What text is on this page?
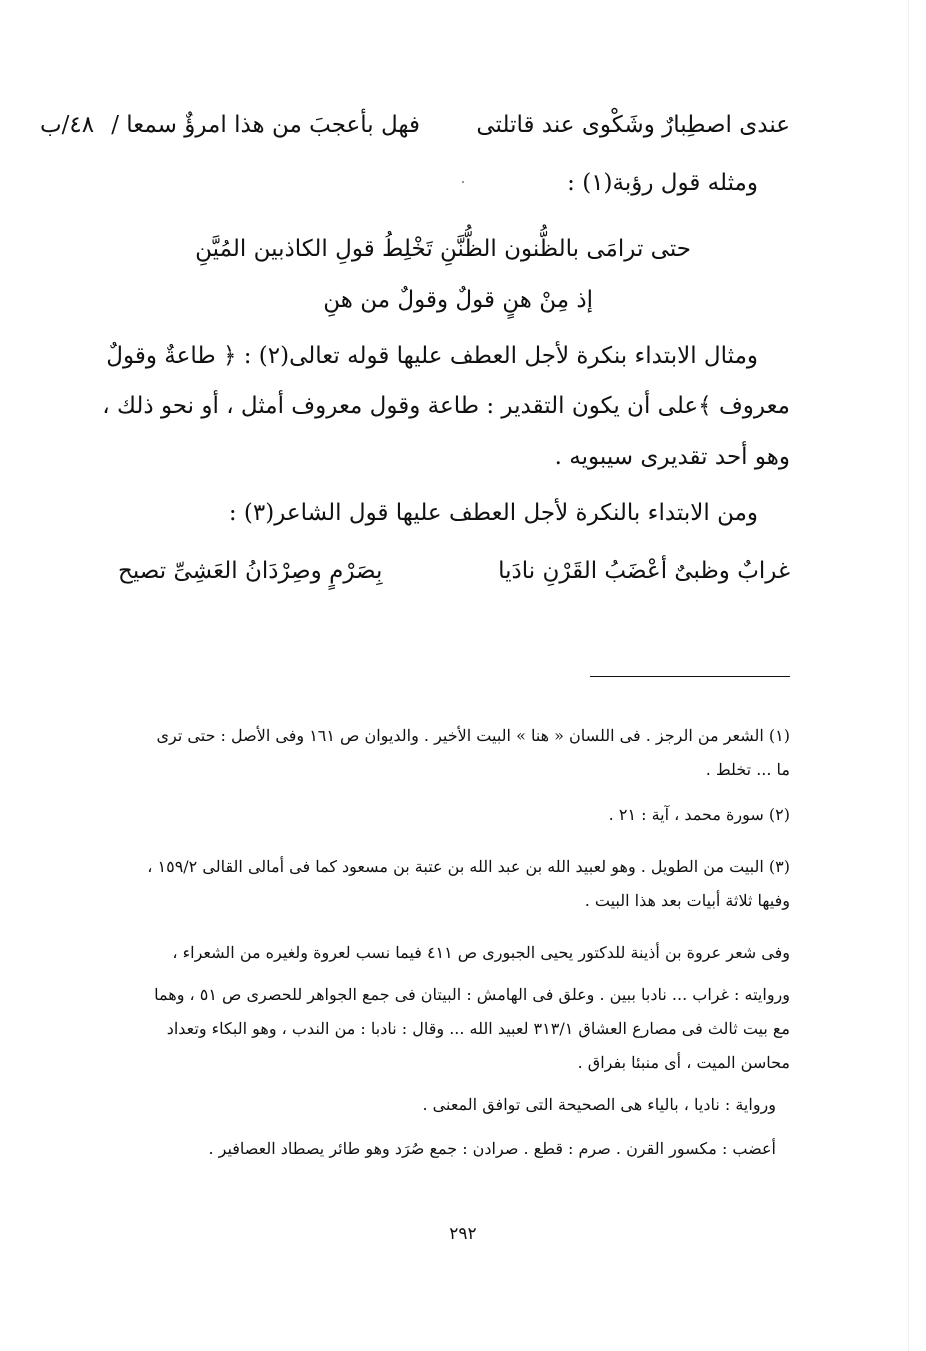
عندى اصطِبارٌ وشَكْوى عند قاتلتى
فهل بأعجبَ من هذا امرؤٌ سمعا /
٤٨/ب
ومثله قول رؤبة(١) :
حتى ترامَى بالظُّنون الظُّنَّنِ تَخْلِطُ قولِ الكاذبين المُيَّنِ
إذ مِنْ هنٍ قولٌ وقولٌ من هنِ
ومثال الابتداء بنكرة لأجل العطف عليها قوله تعالى(٢) : ﴿ طاعةٌ وقولٌ
معروف ﴾على أن يكون التقدير : طاعة وقول معروف أمثل ، أو نحو ذلك ،
وهو أحد تقديرى سيبويه .
ومن الابتداء بالنكرة لأجل العطف عليها قول الشاعر(٣) :
غرابٌ وظبىٌ أعْضَبُ القَرْنِ نادَيا
بِصَرْمٍ وصِرْدَانُ العَشِىِّ تصيح
(١) الشعر من الرجز . فى اللسان « هنا » البيت الأخير . والديوان ص ١٦١ وفى الأصل : حتى ترى
ما ... تخلط .
(٢) سورة محمد ، آية : ٢١ .
(٣) البيت من الطويل . وهو لعبيد الله بن عبد الله بن عتبة بن مسعود كما فى أمالى القالى ١٥٩/٢ ،
وفيها ثلاثة أبيات بعد هذا البيت .
وفى شعر عروة بن أذينة للدكتور يحيى الجبورى ص ٤١١ فيما نسب لعروة ولغيره من الشعراء ،
وروايته : غراب ... نادبا ببين . وعلق فى الهامش : البيتان فى جمع الجواهر للحصرى ص ٥١ ، وهما
مع بيت ثالث فى مصارع العشاق ٣١٣/١ لعبيد الله ... وقال : نادبا : من الندب ، وهو البكاء وتعداد
محاسن الميت ، أى منبئا بفراق .
ورواية : ناديا ، بالياء هى الصحيحة التى توافق المعنى .
أعضب : مكسور القرن . صرم : قطع . صرادن : جمع صُرَد وهو طائر يصطاد العصافير .
٢٩٢
